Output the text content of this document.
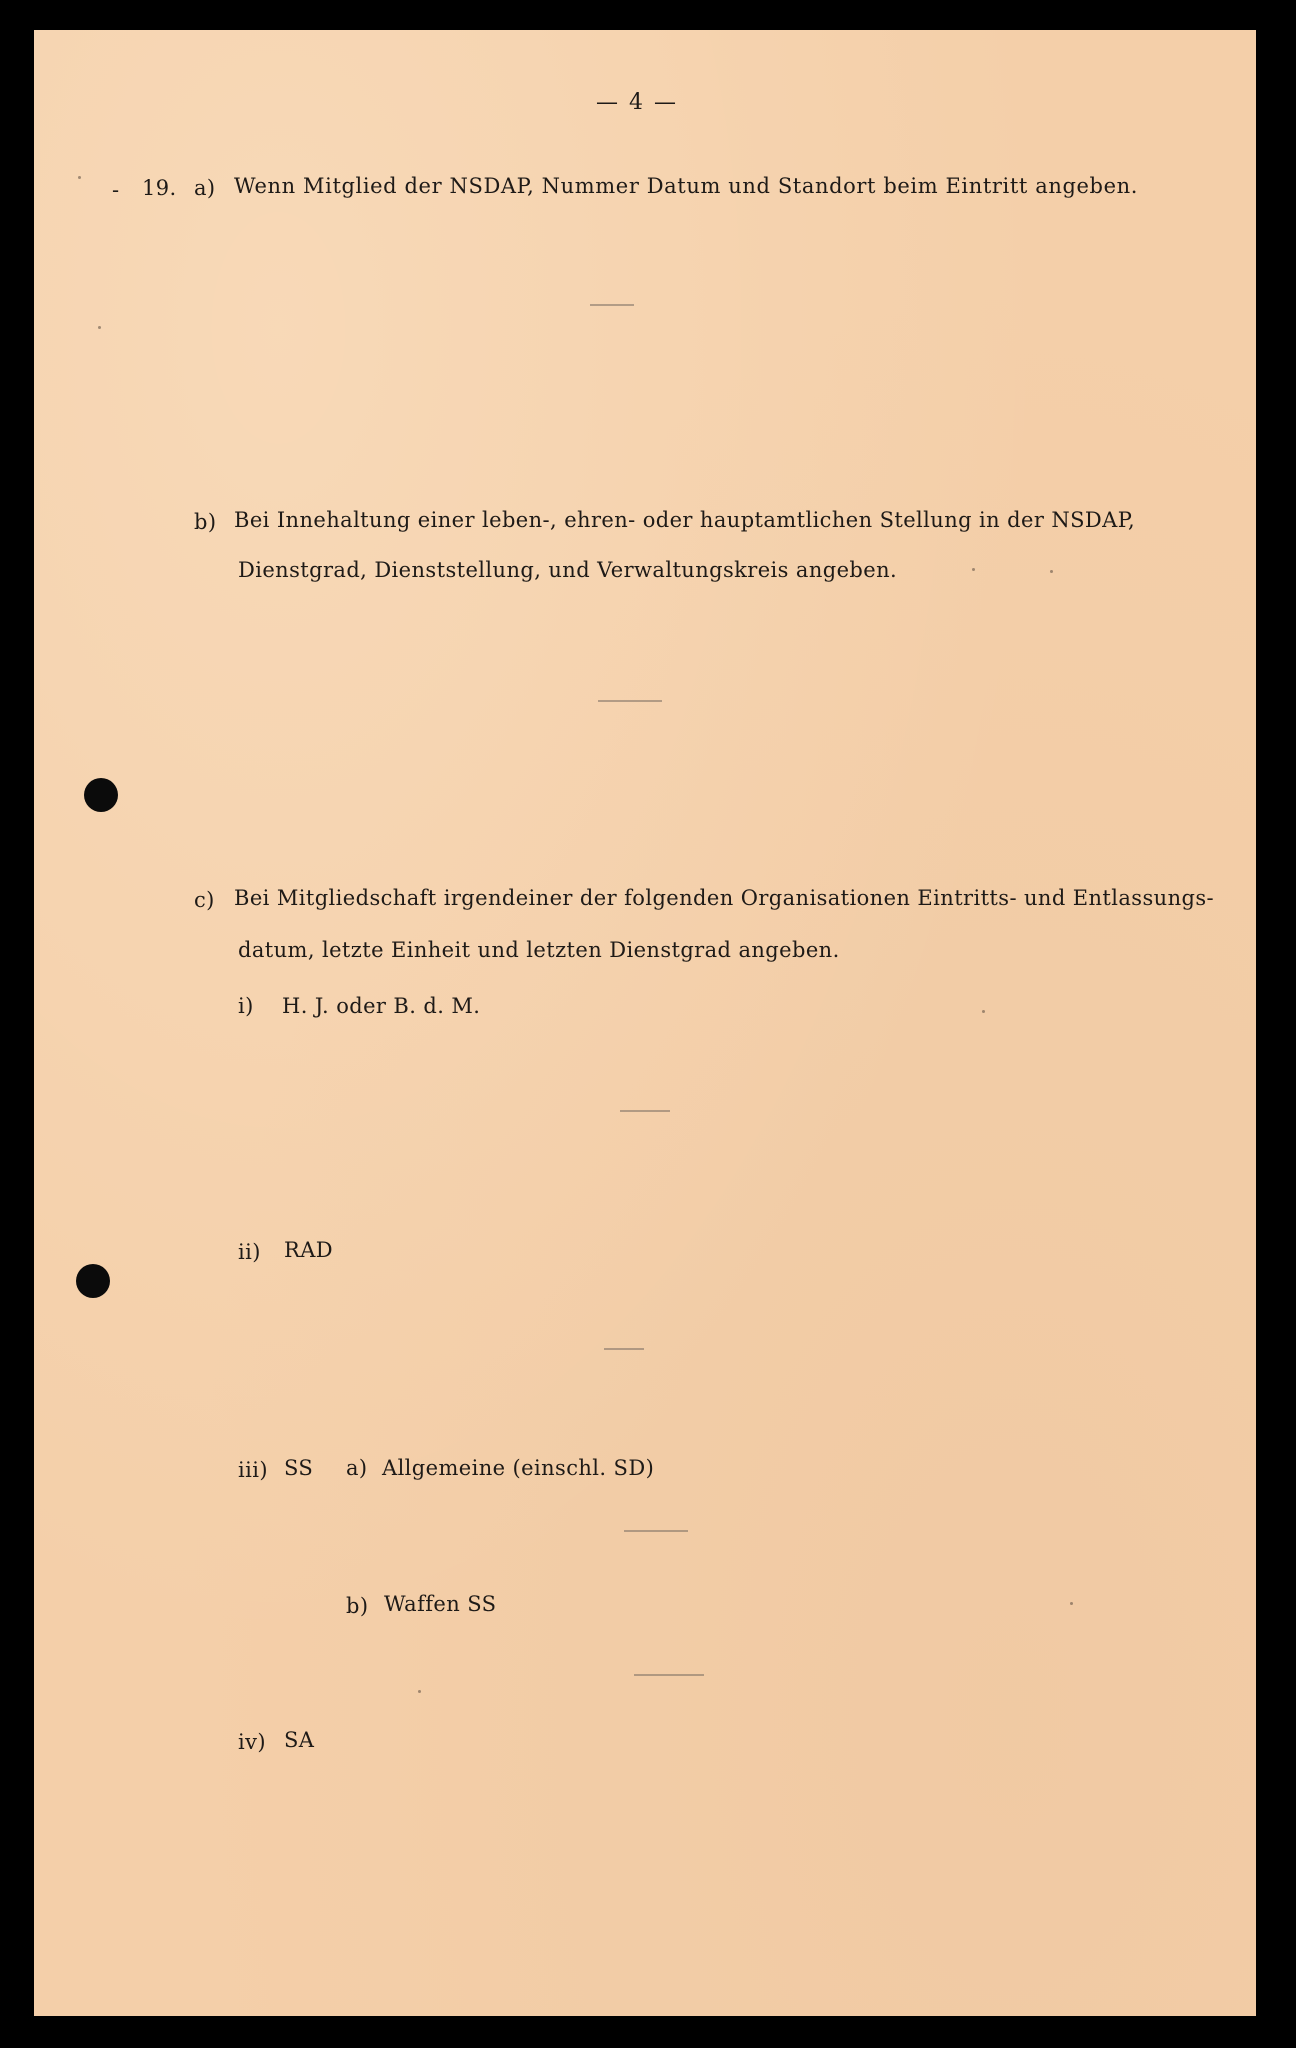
— 4 —
- 19. a) Wenn Mitglied der NSDAP, Nummer Datum und Standort beim Eintritt angeben.
b) Bei Innehaltung einer leben-, ehren- oder hauptamtlichen Stellung in der NSDAP,
Dienstgrad, Dienststellung, und Verwaltungskreis angeben.
c) Bei Mitgliedschaft irgendeiner der folgenden Organisationen Eintritts- und Entlassungs-
datum, letzte Einheit und letzten Dienstgrad angeben.
i) H. J. oder B. d. M.
ii) RAD
iii) SS a) Allgemeine (einschl. SD)
b) Waffen SS
iv) SA
